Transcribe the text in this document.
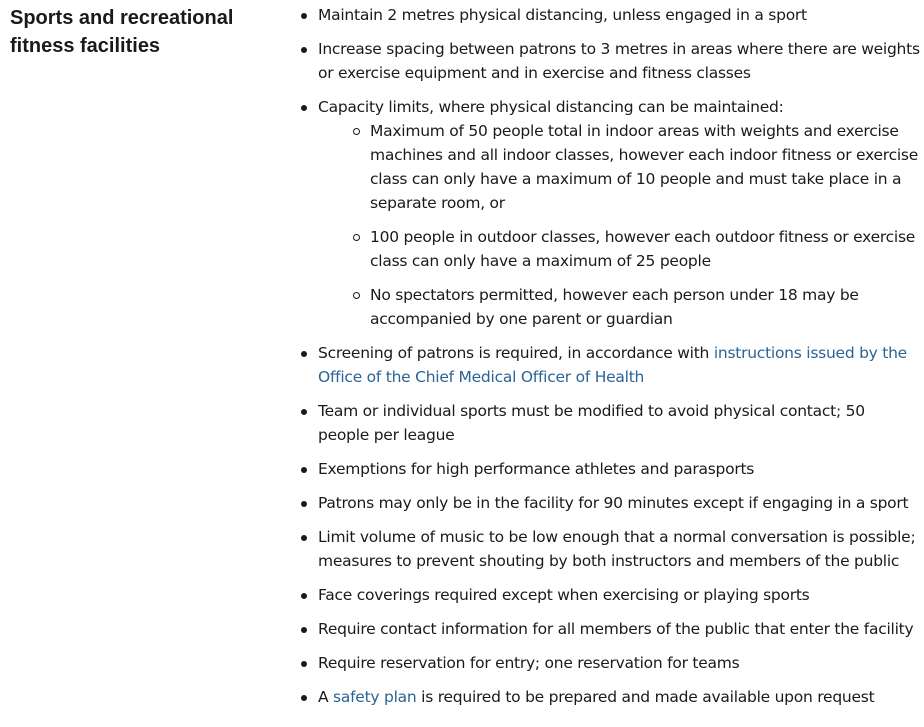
Sports and recreational fitness facilities
Maintain 2 metres physical distancing, unless engaged in a sport
Increase spacing between patrons to 3 metres in areas where there are weights or exercise equipment and in exercise and fitness classes
Capacity limits, where physical distancing can be maintained:
Maximum of 50 people total in indoor areas with weights and exercise machines and all indoor classes, however each indoor fitness or exercise class can only have a maximum of 10 people and must take place in a separate room, or
100 people in outdoor classes, however each outdoor fitness or exercise class can only have a maximum of 25 people
No spectators permitted, however each person under 18 may be accompanied by one parent or guardian
Screening of patrons is required, in accordance with instructions issued by the Office of the Chief Medical Officer of Health
Team or individual sports must be modified to avoid physical contact; 50 people per league
Exemptions for high performance athletes and parasports
Patrons may only be in the facility for 90 minutes except if engaging in a sport
Limit volume of music to be low enough that a normal conversation is possible; measures to prevent shouting by both instructors and members of the public
Face coverings required except when exercising or playing sports
Require contact information for all members of the public that enter the facility
Require reservation for entry; one reservation for teams
A safety plan is required to be prepared and made available upon request
